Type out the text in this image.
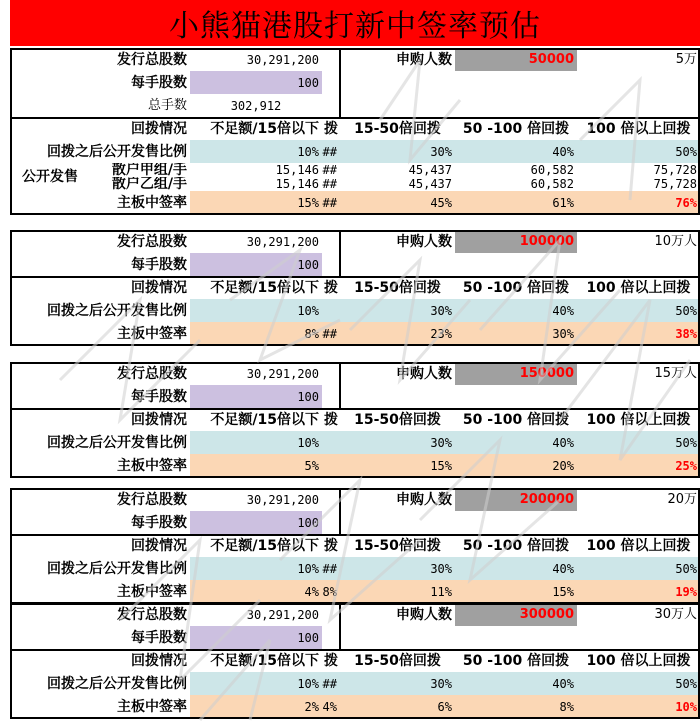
小熊猫港股打新中签率预估
发行总股数	30,291,200	申购人数	50000	5万
每手股数	100
总手数	302,912
回拨情况	不足额/15倍以下 拨	15-50倍回拨	50 -100 倍回拨	100 倍以上回拨
回拨之后公开发售比例	10% ##	30%	40%	50%
公开发售	散户甲组/手	15,146 ##	45,437	60,582	75,728
散户乙组/手	15,146 ##	45,437	60,582	75,728
主板中签率	15% ##	45%	61%	76%
发行总股数	30,291,200	申购人数	100000	10万人
每手股数	100
回拨情况	不足额/15倍以下 拨	15-50倍回拨	50 -100 倍回拨	100 倍以上回拨
回拨之后公开发售比例	10%	30%	40%	50%
主板中签率	8% ##	23%	30%	38%
发行总股数	30,291,200	申购人数	150000	15万人
每手股数	100
回拨情况	不足额/15倍以下 拨	15-50倍回拨	50 -100 倍回拨	100 倍以上回拨
回拨之后公开发售比例	10%	30%	40%	50%
主板中签率	5%	15%	20%	25%
发行总股数	30,291,200	申购人数	200000	20万
每手股数	100
回拨情况	不足额/15倍以下 拨	15-50倍回拨	50 -100 倍回拨	100 倍以上回拨
回拨之后公开发售比例	10% ##	30%	40%	50%
主板中签率	4% 8%	11%	15%	19%
发行总股数	30,291,200	申购人数	300000	30万人
每手股数	100
回拨情况	不足额/15倍以下 拨	15-50倍回拨	50 -100 倍回拨	100 倍以上回拨
回拨之后公开发售比例	10% ##	30%	40%	50%
主板中签率	2% 4%	6%	8%	10%
